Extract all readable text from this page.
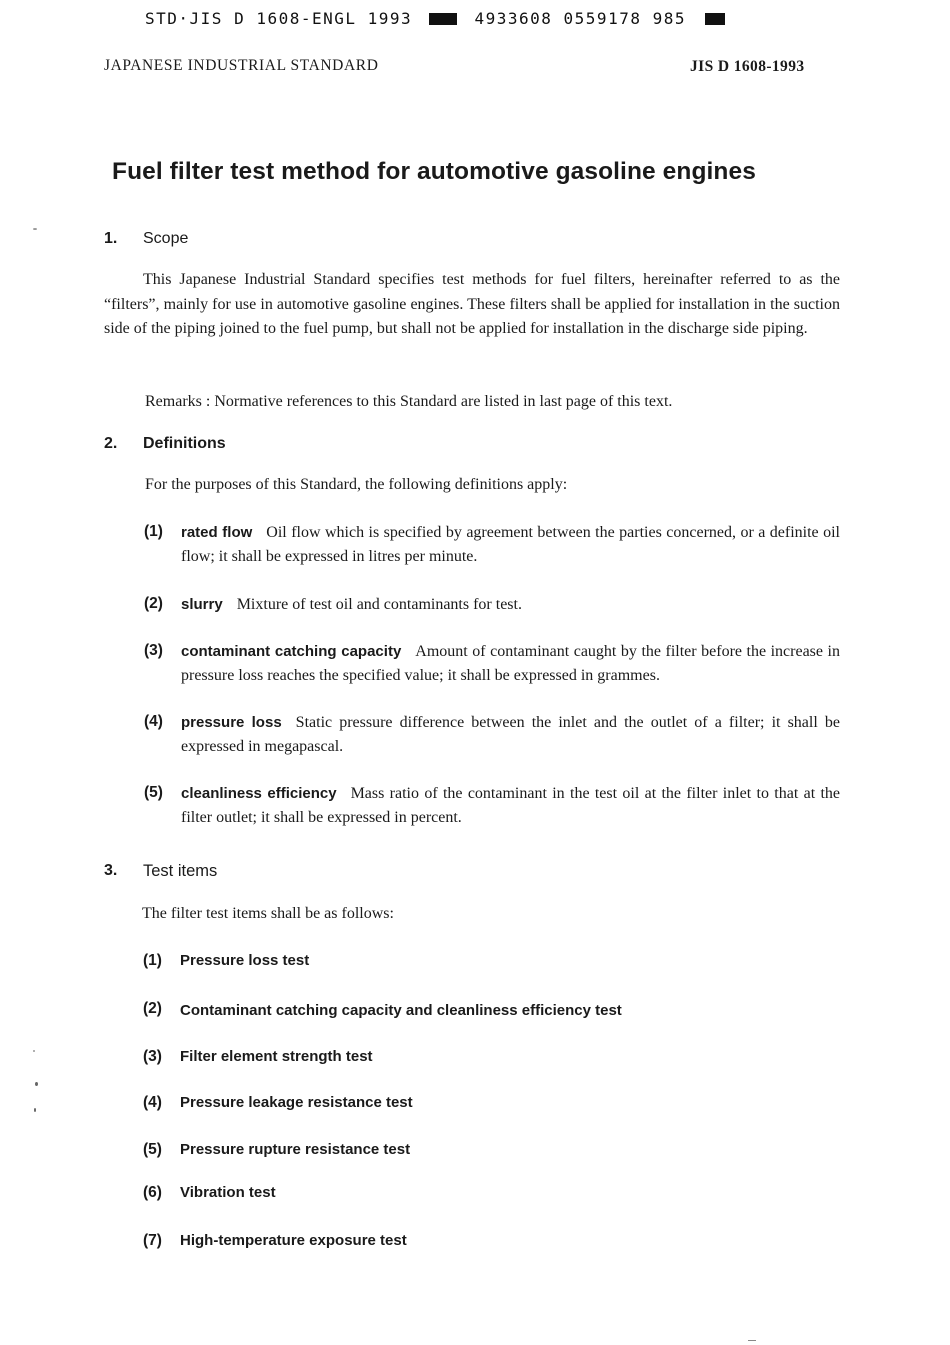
STD·JIS D 1608-ENGL 1993	4933608 0559178 985
JAPANESE INDUSTRIAL STANDARD	JIS D 1608-1993
Fuel filter test method for automotive gasoline engines
1. Scope
This Japanese Industrial Standard specifies test methods for fuel filters, hereinafter referred to as the “filters”, mainly for use in automotive gasoline engines. These filters shall be applied for installation in the suction side of the piping joined to the fuel pump, but shall not be applied for installation in the discharge side piping.
Remarks : Normative references to this Standard are listed in last page of this text.
2. Definitions
For the purposes of this Standard, the following definitions apply:
(1) rated flow Oil flow which is specified by agreement between the parties concerned, or a definite oil flow; it shall be expressed in litres per minute.
(2) slurry Mixture of test oil and contaminants for test.
(3) contaminant catching capacity Amount of contaminant caught by the filter before the increase in pressure loss reaches the specified value; it shall be expressed in grammes.
(4) pressure loss Static pressure difference between the inlet and the outlet of a filter; it shall be expressed in megapascal.
(5) cleanliness efficiency Mass ratio of the contaminant in the test oil at the filter inlet to that at the filter outlet; it shall be expressed in percent.
3. Test items
The filter test items shall be as follows:
(1) Pressure loss test
(2) Contaminant catching capacity and cleanliness efficiency test
(3) Filter element strength test
(4) Pressure leakage resistance test
(5) Pressure rupture resistance test
(6) Vibration test
(7) High-temperature exposure test
